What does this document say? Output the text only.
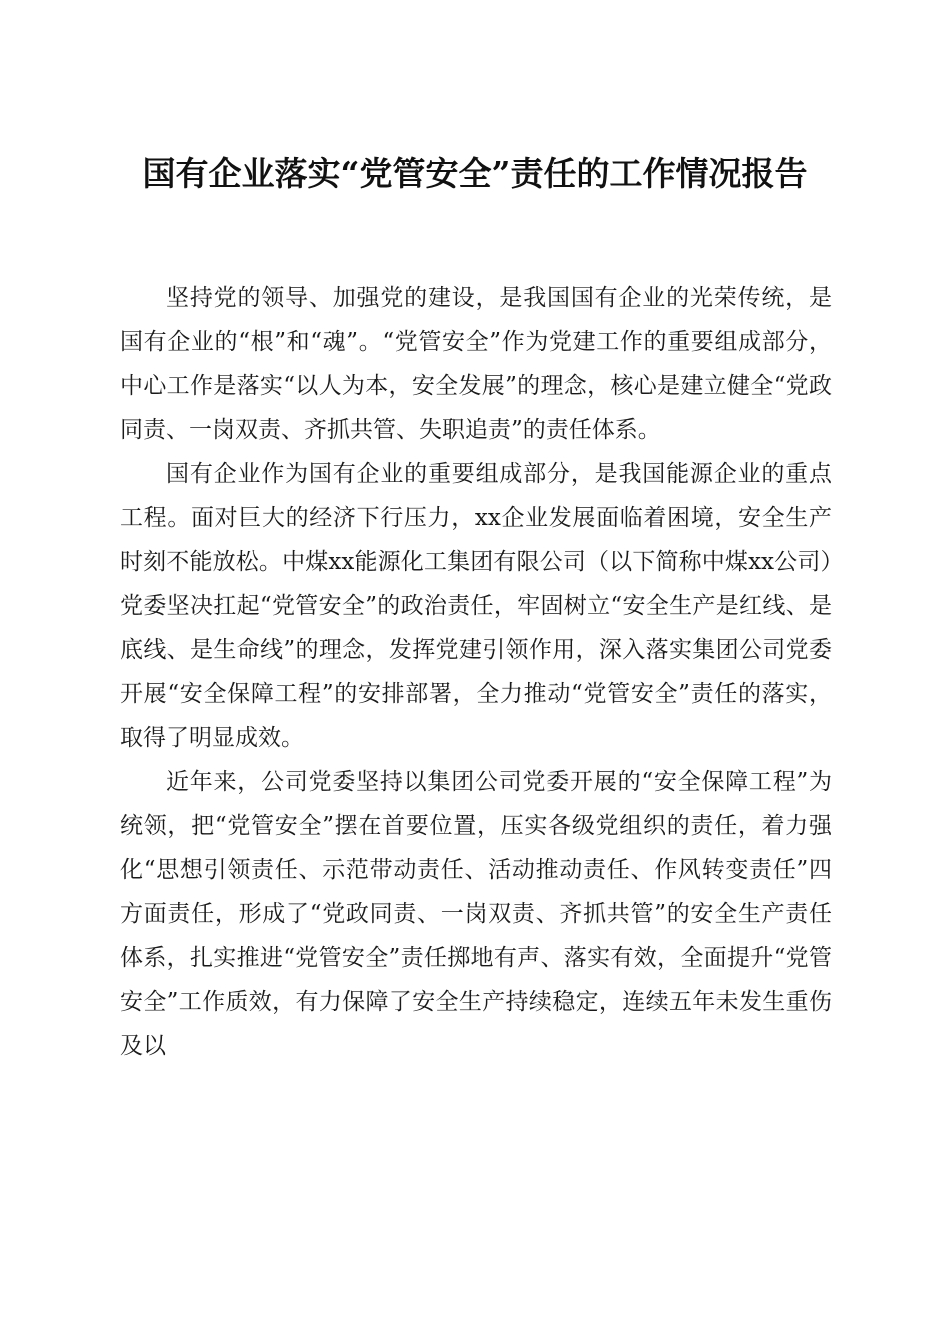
国有企业落实“党管安全”责任的工作情况报告

坚持党的领导、加强党的建设，是我国国有企业的光荣传统，是国有企业的“根”和“魂”。“党管安全”作为党建工作的重要组成部分，中心工作是落实“以人为本，安全发展”的理念，核心是建立健全“党政同责、一岗双责、齐抓共管、失职追责”的责任体系。

国有企业作为国有企业的重要组成部分，是我国能源企业的重点工程。面对巨大的经济下行压力，xx企业发展面临着困境，安全生产时刻不能放松。中煤xx能源化工集团有限公司（以下简称中煤xx公司）党委坚决扛起“党管安全”的政治责任，牢固树立“安全生产是红线、是底线、是生命线”的理念，发挥党建引领作用，深入落实集团公司党委开展“安全保障工程”的安排部署，全力推动“党管安全”责任的落实，取得了明显成效。

近年来，公司党委坚持以集团公司党委开展的“安全保障工程”为统领，把“党管安全”摆在首要位置，压实各级党组织的责任，着力强化“思想引领责任、示范带动责任、活动推动责任、作风转变责任”四方面责任，形成了“党政同责、一岗双责、齐抓共管”的安全生产责任体系，扎实推进“党管安全”责任掷地有声、落实有效，全面提升“党管安全”工作质效，有力保障了安全生产持续稳定，连续五年未发生重伤及以
